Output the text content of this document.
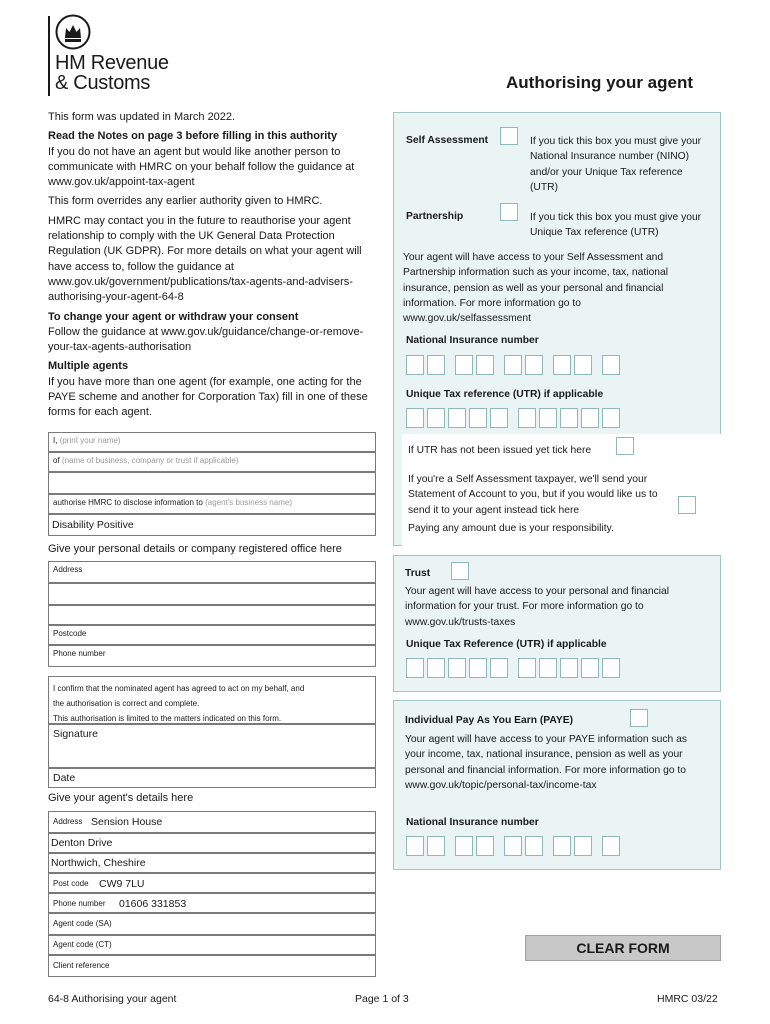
HM Revenue
& Customs	Authorising your agent

This form was updated in March 2022.

Read the Notes on page 3 before filling in this authority

If you do not have an agent but would like another person to communicate with HMRC on your behalf follow the guidance at www.gov.uk/appoint-tax-agent

This form overrides any earlier authority given to HMRC.

HMRC may contact you in the future to reauthorise your agent relationship to comply with the UK General Data Protection Regulation (UK GDPR). For more details on what your agent will have access to, follow the guidance at www.gov.uk/government/publications/tax-agents-and-advisers-authorising-your-agent-64-8

To change your agent or withdraw your consent

Follow the guidance at www.gov.uk/guidance/change-or-remove-your-tax-agents-authorisation

Multiple agents

If you have more than one agent (for example, one acting for the PAYE scheme and another for Corporation Tax) fill in one of these forms for each agent.

I, (print your name)
of (name of business, company or trust if applicable)
authorise HMRC to disclose information to (agent's business name)
Disability Positive
Give your personal details or company registered office here
Address
Postcode
Phone number
I confirm that the nominated agent has agreed to act on my behalf, and
the authorisation is correct and complete.
This authorisation is limited to the matters indicated on this form.
Signature
Date
Give your agent's details here
Address Sension House
Denton Drive
Northwich, Cheshire
Post code CW9 7LU
Phone number 01606 331853
Agent code (SA)
Agent code (CT)
Client reference
Self Assessment	If you tick this box you must give your National Insurance number (NINO) and/or your Unique Tax reference (UTR)
Partnership	If you tick this box you must give your Unique Tax reference (UTR)
Your agent will have access to your Self Assessment and Partnership information such as your income, tax, national insurance, pension as well as your personal and financial information. For more information go to www.gov.uk/selfassessment
National Insurance number
Unique Tax reference (UTR) if applicable
If UTR has not been issued yet tick here
If you're a Self Assessment taxpayer, we'll send your Statement of Account to you, but if you would like us to send it to your agent instead tick here
Paying any amount due is your responsibility.
Trust
Your agent will have access to your personal and financial information for your trust. For more information go to www.gov.uk/trusts-taxes
Unique Tax Reference (UTR) if applicable
Individual Pay As You Earn (PAYE)
Your agent will have access to your PAYE information such as your income, tax, national insurance, pension as well as your personal and financial information. For more information go to www.gov.uk/topic/personal-tax/income-tax
National Insurance number
CLEAR FORM
64-8 Authorising your agent	Page 1 of 3	HMRC 03/22
